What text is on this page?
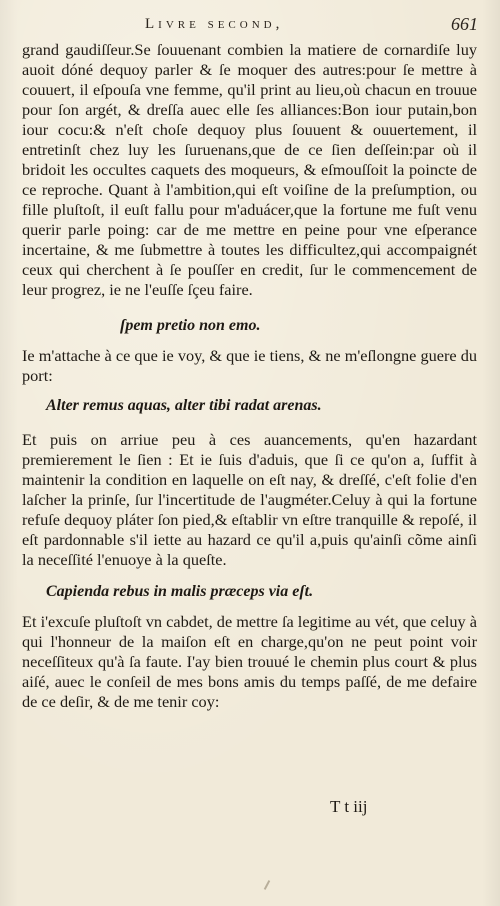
Livre second,	661

grand gaudiſſeur.Se ſouuenant combien la matiere de cornardiſe luy auoit dóné dequoy parler & ſe moquer des autres:pour ſe mettre à couuert, il eſpouſa vne femme, qu'il print au lieu,où chacun en trouue pour ſon argét, & dreſſa auec elle ſes alliances:Bon iour putain,bon iour cocu:& n'eſt choſe dequoy plus ſouuent & ouuertement, il entretinſt chez luy les ſuruenans,que de ce ſien deſſein:par où il bridoit les occultes caquets des moqueurs, & eſmouſſoit la poincte de ce reproche. Quant à l'ambition,qui eſt voiſine de la preſumption, ou fille pluſtoſt, il euſt fallu pour m'aduácer,que la fortune me fuſt venu querir parle poing: car de me mettre en peine pour vne eſperance incertaine, & me ſubmettre à toutes les difficultez,qui accompaignét ceux qui cherchent à ſe pouſſer en credit, ſur le commencement de leur progrez, ie ne l'euſſe ſçeu faire.

ſpem pretio non emo.

Ie m'attache à ce que ie voy, & que ie tiens, & ne m'eſlongne guere du port:

Alter remus aquas, alter tibi radat arenas.

Et puis on arriue peu à ces auancements, qu'en hazardant premierement le ſien : Et ie ſuis d'aduis, que ſi ce qu'on a, ſuffit à maintenir la condition en laquelle on eſt nay, & dreſſé, c'eſt folie d'en laſcher la prinſe, ſur l'incertitude de l'augméter.Celuy à qui la fortune refuſe dequoy pláter ſon pied,& eſtablir vn eſtre tranquille & repoſé, il eſt pardonnable s'il iette au hazard ce qu'il a,puis qu'ainſi cõme ainſi la neceſſité l'enuoye à la queſte.

Capienda rebus in malis præceps via eſt.

Et i'excuſe pluſtoſt vn cabdet, de mettre ſa legitime au vét, que celuy à qui l'honneur de la maiſon eſt en charge,qu'on ne peut point voir neceſſiteux qu'à ſa faute. I'ay bien trouué le chemin plus court & plus aiſé, auec le conſeil de mes bons amis du temps paſſé, de me defaire de ce deſir, & de me tenir coy:

T t iij
